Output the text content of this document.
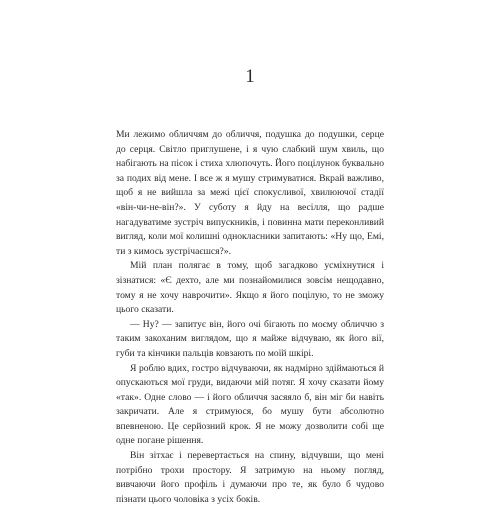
1

Ми лежимо обличчям до обличчя, подушка до подушки, серце до серця. Світло приглушене, і я чую слабкий шум хвиль, що набігають на пісок і стиха хлюпочуть. Його поцілунок буквально за подих від мене. І все ж я мушу стримуватися. Вкрай важливо, щоб я не вийшла за межі цієї спокусливої, хвилюючої стадії «він-чи-не-він?». У суботу я йду на весілля, що радше нагадуватиме зустріч випускників, і повинна мати переконливий вигляд, коли мої колишні однокласники запитають: «Ну що, Емі, ти з кимось зустрічаєшся?».

Мій план полягає в тому, щоб загадково усміхнутися і зізнатися: «Є дехто, але ми познайомилися зовсім нещодавно, тому я не хочу наврочити». Якщо я його поцілую, то не зможу цього сказати.

— Ну? — запитує він, його очі бігають по моєму обличчю з таким закоханим виглядом, що я майже відчуваю, як його вії, губи та кінчики пальців ковзають по моїй шкірі.

Я роблю вдих, гостро відчуваючи, як надмірно здіймаються й опускаються мої груди, видаючи мій потяг. Я хочу сказати йому «так». Одне слово — і його обличчя засяяло б, він міг би навіть закричати. Але я стримуюся, бо мушу бути абсолютно впевненою. Це серйозний крок. Я не можу дозволити собі ще одне погане рішення.

Він зітхає і перевертається на спину, відчувши, що мені потрібно трохи простору. Я затримую на ньому погляд, вивчаючи його профіль і думаючи про те, як було б чудово пізнати цього чоловіка з усіх боків.
